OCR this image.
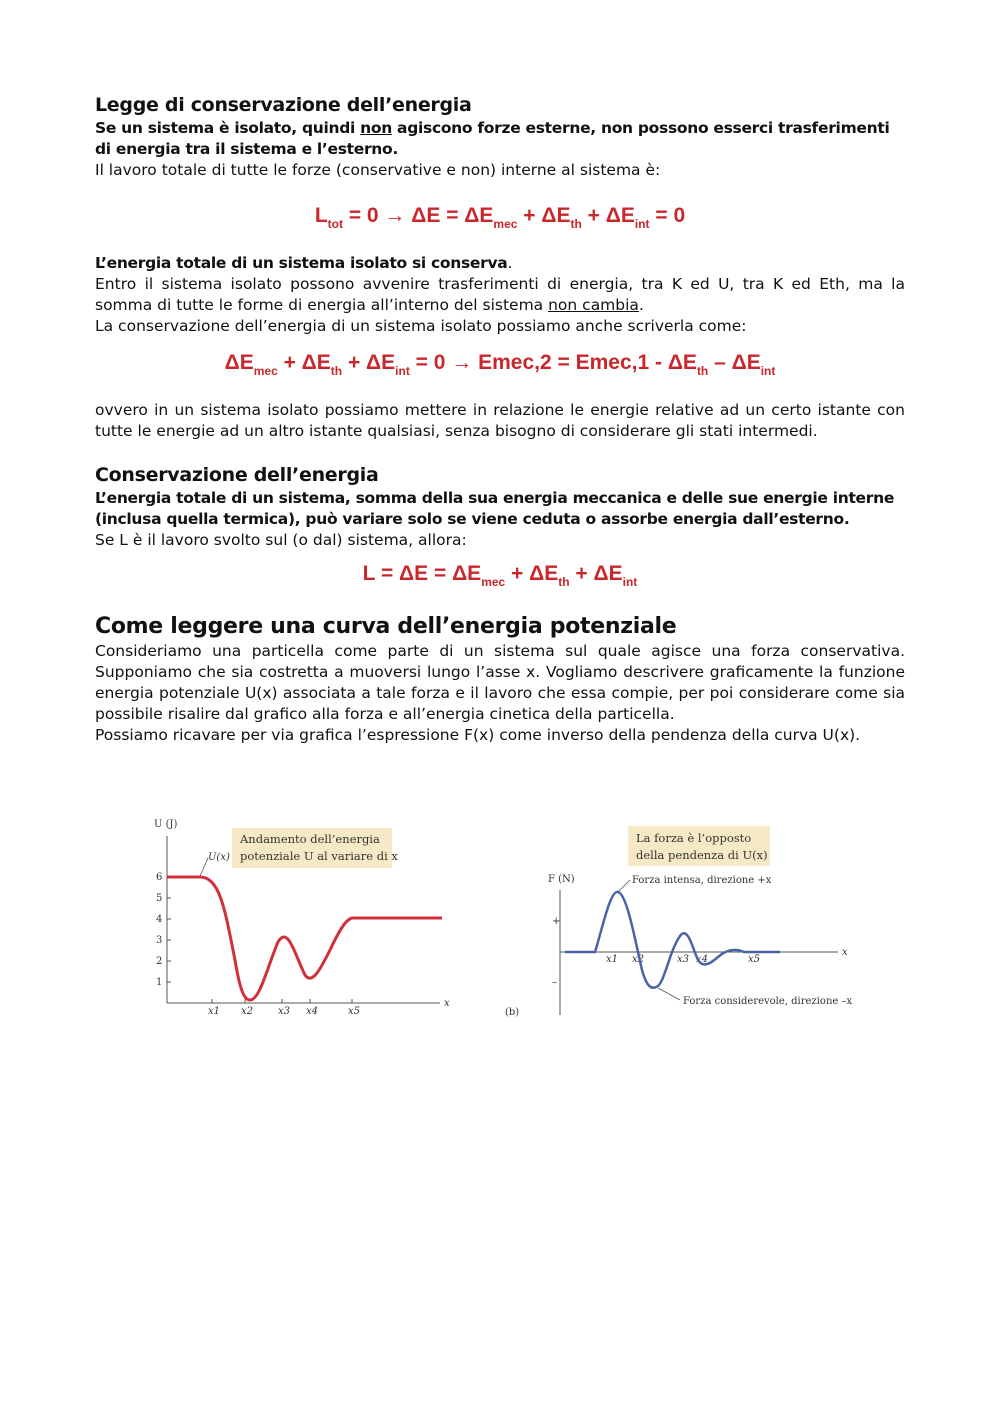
Legge di conservazione dell’energia

Se un sistema è isolato, quindi non agiscono forze esterne, non possono esserci trasferimenti di energia tra il sistema e l’esterno.

Il lavoro totale di tutte le forze (conservative e non) interne al sistema è:

$L_{tot} = 0 \to \Delta E = \Delta E_{mec} + \Delta E_{th} + \Delta E_{int} = 0$

L’energia totale di un sistema isolato si conserva.

Entro il sistema isolato possono avvenire trasferimenti di energia, tra K ed U, tra K ed Eth, ma la somma di tutte le forme di energia all’interno del sistema non cambia.

La conservazione dell’energia di un sistema isolato possiamo anche scriverla come:

$\Delta E_{mec} + \Delta E_{th} + \Delta E_{int} = 0$ → Emec,2 = Emec,1 - $\Delta E_{th} - \Delta E_{int}$

ovvero in un sistema isolato possiamo mettere in relazione le energie relative ad un certo istante con tutte le energie ad un altro istante qualsiasi, senza bisogno di considerare gli stati intermedi.

Conservazione dell’energia

L’energia totale di un sistema, somma della sua energia meccanica e delle sue energie interne (inclusa quella termica), può variare solo se viene ceduta o assorbe energia dall’esterno.

Se L è il lavoro svolto sul (o dal) sistema, allora:

$L = \Delta E = \Delta E_{mec} + \Delta E_{th} + \Delta E_{int}$
Come leggere una curva dell’energia potenziale

Consideriamo una particella come parte di un sistema sul quale agisce una forza conservativa. Supponiamo che sia costretta a muoversi lungo l’asse x. Vogliamo descrivere graficamente la funzione energia potenziale U(x) associata a tale forza e il lavoro che essa compie, per poi considerare come sia possibile risalire dal grafico alla forza e all’energia cinetica della particella.

Possiamo ricavare per via grafica l’espressione F(x) come inverso della pendenza della curva U(x).

U (J)
x
1
2
3
4
5
6
x1 x2 x3 x4	x5
U(x)
Andamento dell’energia
potenziale U al variare di x
F (N)
x
+
–
x1 x2	x3 x4	x5
Forza intensa, direzione +x
Forza considerevole, direzione –x
La forza è l’opposto
della pendenza di U(x)
(b)
